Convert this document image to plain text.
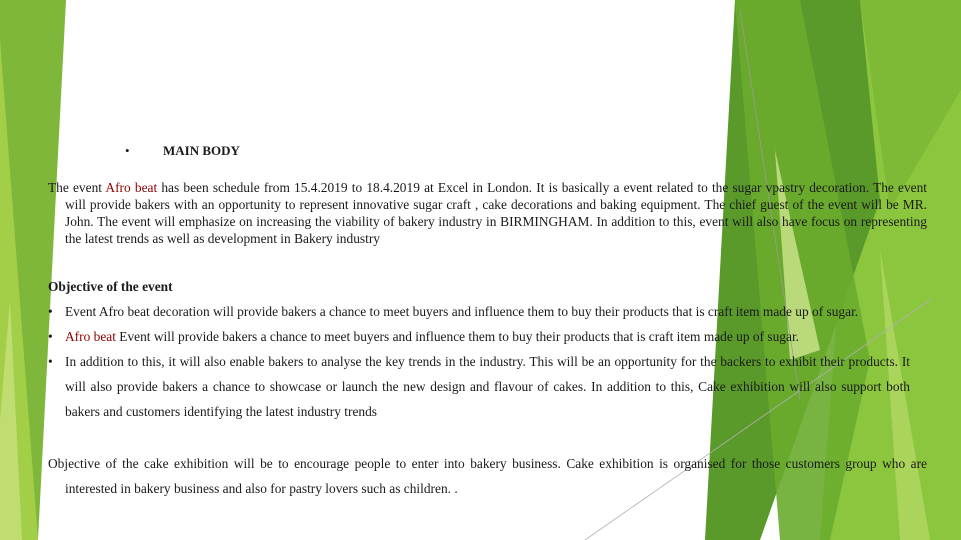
•	MAIN BODY
The event Afro beat has been schedule from 15.4.2019 to 18.4.2019 at Excel in London. It is basically a event related to the sugar vpastry decoration. The event will provide bakers with an opportunity to represent innovative sugar craft , cake decorations and baking equipment. The chief guest of the event will be MR. John. The event will emphasize on increasing the viability of bakery industry in BIRMINGHAM. In addition to this, event will also have focus on representing the latest trends as well as development in Bakery industry
Objective of the event
• Event Afro beat decoration will provide bakers a chance to meet buyers and influence them to buy their products that is craft item made up of sugar.
• Afro beat Event will provide bakers a chance to meet buyers and influence them to buy their products that is craft item made up of sugar.
• In addition to this, it will also enable bakers to analyse the key trends in the industry. This will be an opportunity for the backers to exhibit their products. It will also provide bakers a chance to showcase or launch the new design and flavour of cakes. In addition to this, Cake exhibition will also support both bakers and customers identifying the latest industry trends
Objective of the cake exhibition will be to encourage people to enter into bakery business. Cake exhibition is organised for those customers group who are interested in bakery business and also for pastry lovers such as children. .
